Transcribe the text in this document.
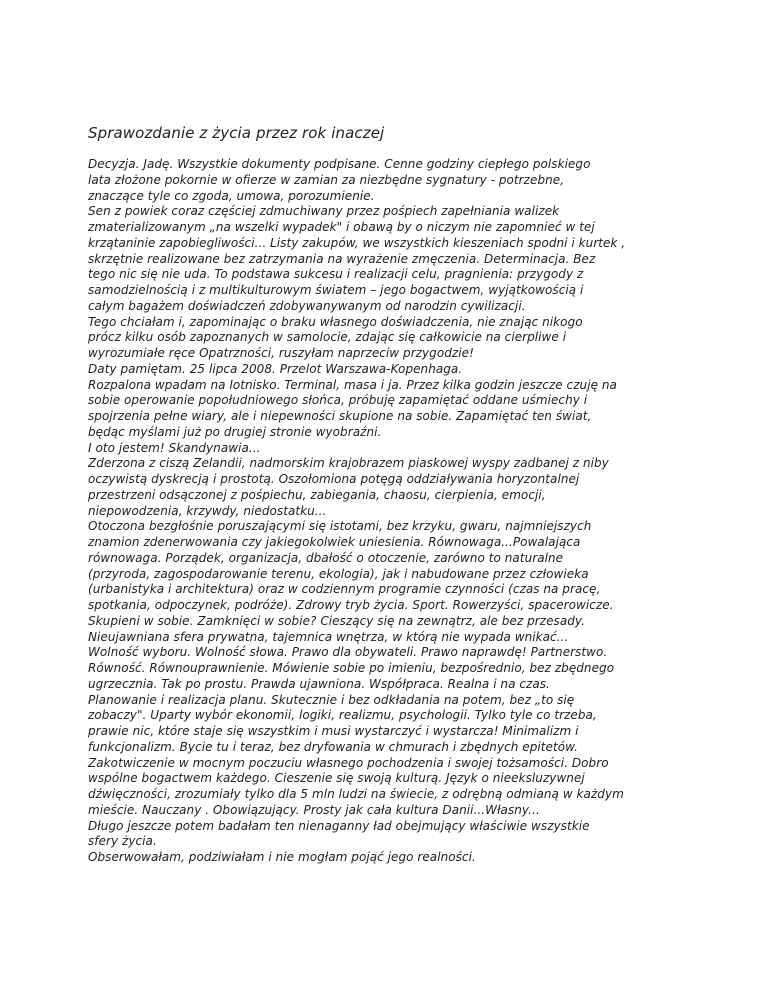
Sprawozdanie z życia przez rok inaczej
Decyzja. Jadę. Wszystkie dokumenty podpisane. Cenne godziny ciepłego polskiego
lata złożone pokornie w ofierze w zamian za niezbędne sygnatury - potrzebne,
znaczące tyle co zgoda, umowa, porozumienie.
Sen z powiek coraz częściej zdmuchiwany przez pośpiech zapełniania walizek
zmaterializowanym „na wszelki wypadek" i obawą by o niczym nie zapomnieć w tej
krzątaninie zapobiegliwości... Listy zakupów, we wszystkich kieszeniach spodni i kurtek ,
skrzętnie realizowane bez zatrzymania na wyrażenie zmęczenia. Determinacja. Bez
tego nic się nie uda. To podstawa sukcesu i realizacji celu, pragnienia: przygody z
samodzielnością i z multikulturowym światem – jego bogactwem, wyjątkowością i
całym bagażem doświadczeń zdobywanywanym od narodzin cywilizacji.
Tego chciałam i, zapominając o braku własnego doświadczenia, nie znając nikogo
prócz kilku osób zapoznanych w samolocie, zdając się całkowicie na cierpliwe i
wyrozumiałe ręce Opatrzności, ruszyłam naprzeciw przygodzie!
Daty pamiętam. 25 lipca 2008. Przelot Warszawa-Kopenhaga.
Rozpalona wpadam na lotnisko. Terminal, masa i ja. Przez kilka godzin jeszcze czuję na
sobie operowanie popołudniowego słońca, próbuję zapamiętać oddane uśmiechy i
spojrzenia pełne wiary, ale i niepewności skupione na sobie. Zapamiętać ten świat,
będąc myślami już po drugiej stronie wyobraźni.
I oto jestem! Skandynawia...
Zderzona z ciszą Zelandii, nadmorskim krajobrazem piaskowej wyspy zadbanej z niby
oczywistą dyskrecją i prostotą. Oszołomiona potęgą oddziaływania horyzontalnej
przestrzeni odsączonej z pośpiechu, zabiegania, chaosu, cierpienia, emocji,
niepowodzenia, krzywdy, niedostatku...
Otoczona bezgłośnie poruszającymi się istotami, bez krzyku, gwaru, najmniejszych
znamion zdenerwowania czy jakiegokolwiek uniesienia. Równowaga...Powalająca
równowaga. Porządek, organizacja, dbałość o otoczenie, zarówno to naturalne
(przyroda, zagospodarowanie terenu, ekologia), jak i nabudowane przez człowieka
(urbanistyka i architektura) oraz w codziennym programie czynności (czas na pracę,
spotkania, odpoczynek, podróże). Zdrowy tryb życia. Sport. Rowerzyści, spacerowicze.
Skupieni w sobie. Zamknięci w sobie? Cieszący się na zewnątrz, ale bez przesady.
Nieujawniana sfera prywatna, tajemnica wnętrza, w którą nie wypada wnikać...
Wolność wyboru. Wolność słowa. Prawo dla obywateli. Prawo naprawdę! Partnerstwo.
Równość. Równouprawnienie. Mówienie sobie po imieniu, bezpośrednio, bez zbędnego
ugrzecznia. Tak po prostu. Prawda ujawniona. Współpraca. Realna i na czas.
Planowanie i realizacja planu. Skutecznie i bez odkładania na potem, bez „to się
zobaczy". Uparty wybór ekonomii, logiki, realizmu, psychologii. Tylko tyle co trzeba,
prawie nic, które staje się wszystkim i musi wystarczyć i wystarcza! Minimalizm i
funkcjonalizm. Bycie tu i teraz, bez dryfowania w chmurach i zbędnych epitetów.
Zakotwiczenie w mocnym poczuciu własnego pochodzenia i swojej tożsamości. Dobro
wspólne bogactwem każdego. Cieszenie się swoją kulturą. Język o nieeksluzywnej
dźwięczności, zrozumiały tylko dla 5 mln ludzi na świecie, z odrębną odmianą w każdym
mieście. Nauczany . Obowiązujący. Prosty jak cała kultura Danii...Własny...
Długo jeszcze potem badałam ten nienaganny ład obejmujący właściwie wszystkie
sfery życia.
Obserwowałam, podziwiałam i nie mogłam pojąć jego realności.
